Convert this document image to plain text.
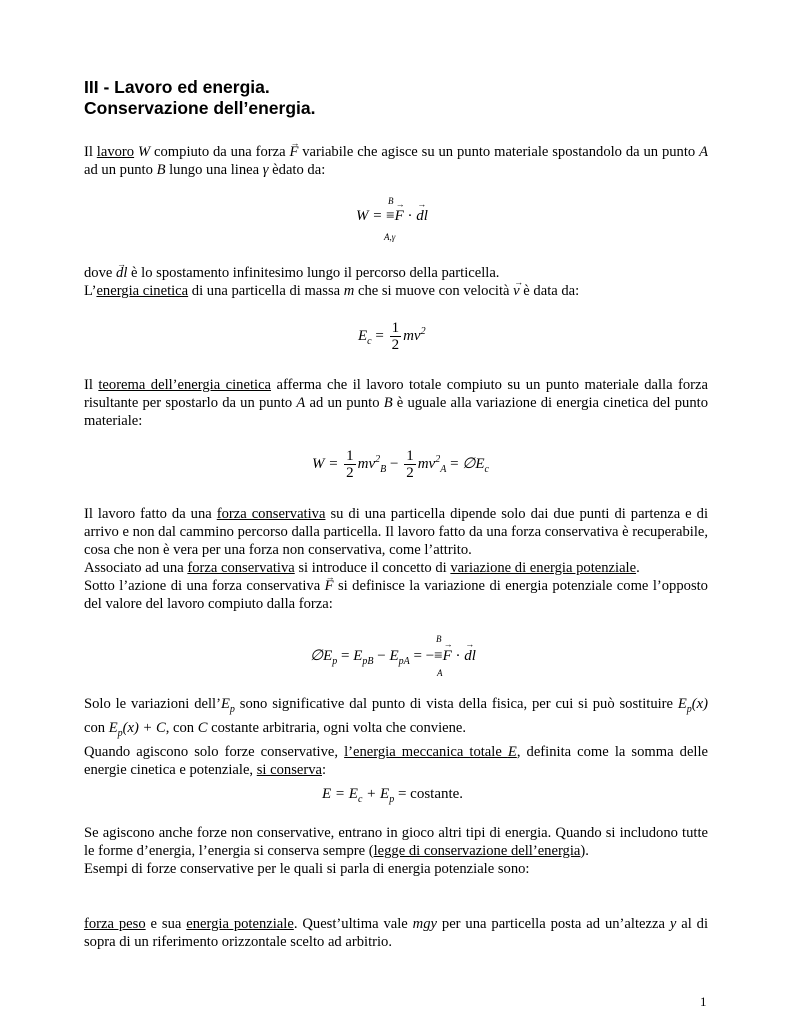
III - Lavoro ed energia.
Conservazione dell’energia.

Il lavoro W compiuto da una forza → F variabile che agisce su un punto materiale spostandolo da un punto A ad un punto B lungo una linea γ èdato da:

B
W = ≡→ F · → dl
A,γ

dove → dl è lo spostamento infinitesimo lungo il percorso della particella.
L’energia cinetica di una particella di massa m che si muove con velocità → v è data da:

$E_c = \frac{1}{2} mv^2$

Il teorema dell’energia cinetica afferma che il lavoro totale compiuto su un punto materiale dalla forza risultante per spostarlo da un punto A ad un punto B è uguale alla variazione di energia cinetica del punto materiale:

$W = \frac{1}{2} mv^2_B - \frac{1}{2} mv^2_A$ = $\emptyset E_c$

Il lavoro fatto da una forza conservativa su di una particella dipende solo dai due punti di partenza e di arrivo e non dal cammino percorso dalla particella. Il lavoro fatto da una forza conservativa è recuperabile, cosa che non è vera per una forza non conservativa, come l’attrito.
Associato ad una forza conservativa si introduce il concetto di variazione di energia potenziale.
Sotto l’azione di una forza conservativa → F si definisce la variazione di energia potenziale come l’opposto del valore del lavoro compiuto dalla forza:

B
$\emptyset E_p = E_{pB} - E_{pA}$ = −≡→ F · → dl
A

Solo le variazioni $dell’E_p$ sono significative dal punto di vista della fisica, per cui si può sostituire $E_p(x)$ con $E_p(x) + C$, con C costante arbitraria, ogni volta che conviene.
Quando agiscono solo forze conservative, l’energia meccanica totale E, definita come la somma delle energie cinetica e potenziale, si conserva:

$E = E_c + E_p$ = costante.

Se agiscono anche forze non conservative, entrano in gioco altri tipi di energia. Quando si includono tutte le forme d’energia, l’energia si conserva sempre (legge di conservazione dell’energia).
Esempi di forze conservative per le quali si parla di energia potenziale sono:

forza peso e sua energia potenziale. Quest’ultima vale mgy per una particella posta ad un’altezza y al di sopra di un riferimento orizzontale scelto ad arbitrio.

1
